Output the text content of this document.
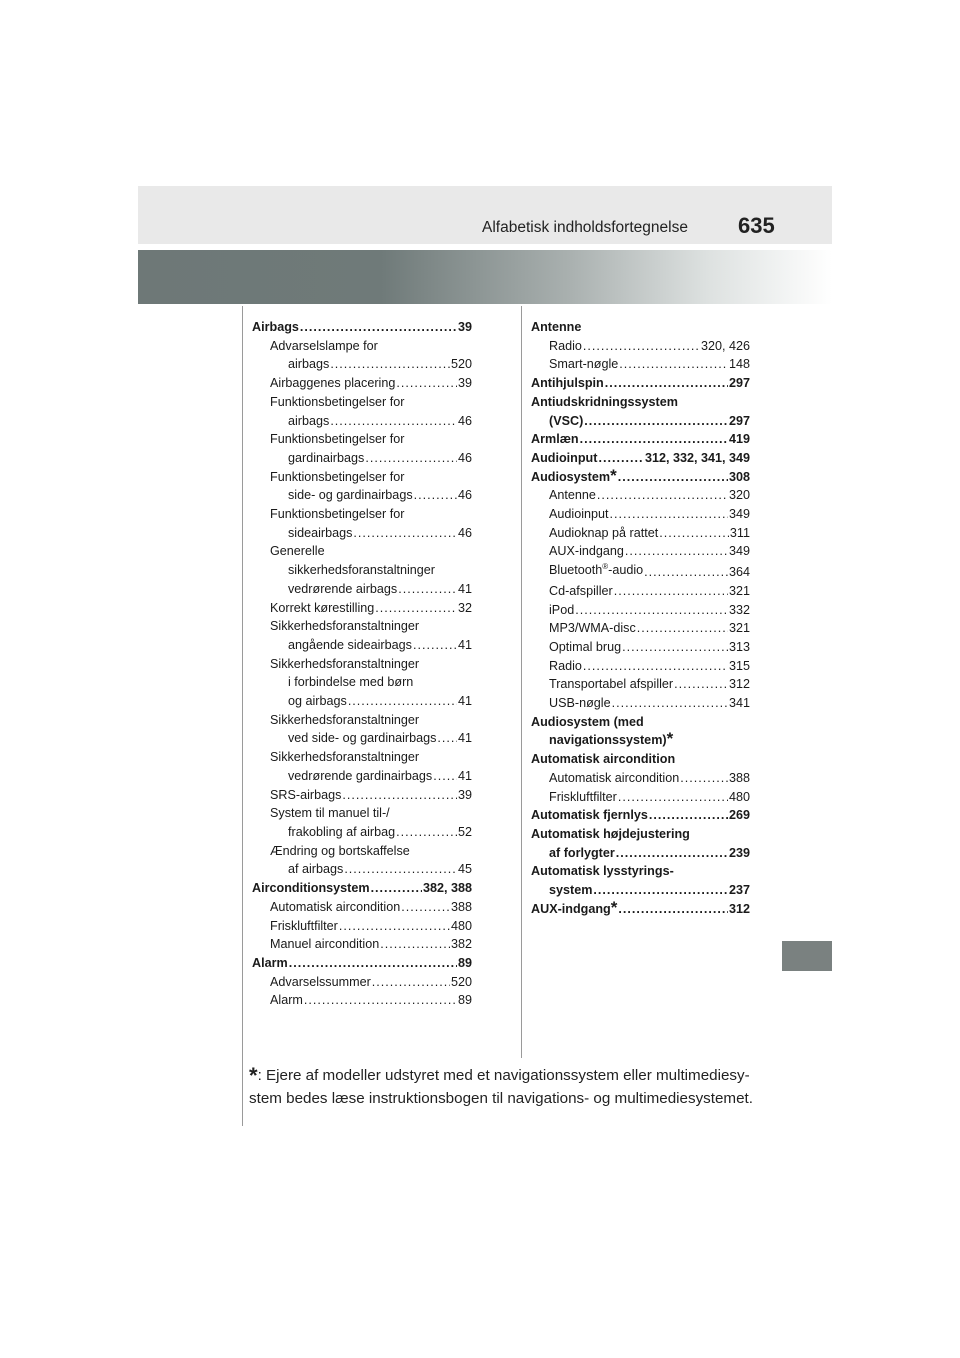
Alfabetisk indholdsfortegnelse 635
Airbags .....	39
Advarselslampe for
airbags .....	520
Airbaggenes placering .....	39
Funktionsbetingelser for
airbags .....	46
Funktionsbetingelser for
gardinairbags .....	46
Funktionsbetingelser for
side- og gardinairbags .....	46
Funktionsbetingelser for
sideairbags .....	46
Generelle
sikkerhedsforanstaltninger
vedrørende airbags .....	41
Korrekt kørestilling .....	32
Sikkerhedsforanstaltninger
angående sideairbags .....	41
Sikkerhedsforanstaltninger
i forbindelse med børn
og airbags .....	41
Sikkerhedsforanstaltninger
ved side- og gardinairbags ..... 41
Sikkerhedsforanstaltninger
vedrørende gardinairbags ..... 41
SRS-airbags .....	39
System til manuel til-/
frakobling af airbag .....	52
Ændring og bortskaffelse
af airbags .....	45
Airconditionsystem .....	382, 388
Automatisk aircondition .....	388
Friskluftfilter .....	480
Manuel aircondition .....	382
Alarm .....	89
Advarselssummer .....	520
Alarm .....	89
Antenne
Radio .....	320, 426
Smart-nøgle .....	148
Antihjulspin .....	297
Antiudskridningssystem
(VSC) .....	297
Armlæn .....	419
Audioinput .....	312, 332, 341, 349
Audiosystem* .....	308
Antenne .....	320
Audioinput .....	349
Audioknap på rattet .....	311
AUX-indgang .....	349
Bluetooth®-audio .....	364
Cd-afspiller .....	321
iPod .....	332
MP3/WMA-disc .....	321
Optimal brug .....	313
Radio .....	315
Transportabel afspiller .....	312
USB-nøgle .....	341
Audiosystem (med
navigationssystem)*
Automatisk aircondition
Automatisk aircondition .....	388
Friskluftfilter .....	480
Automatisk fjernlys .....	269
Automatisk højdejustering
af forlygter .....	239
Automatisk lysstyrings-
system .....	237
AUX-indgang* .....	312
*: Ejere af modeller udstyret med et navigationssystem eller multimediesy-stem bedes læse instruktionsbogen til navigations- og multimediesystemet.
